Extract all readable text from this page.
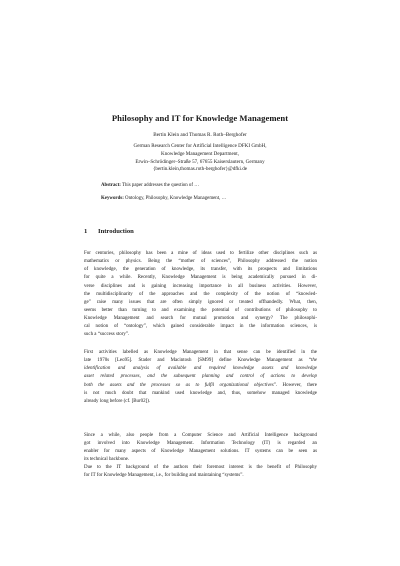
Philosophy and IT for Knowledge Management
Bertin Klein and Thomas R. Roth–Berghofer
German Research Center for Artificial Intelligence DFKI GmbH,
Knowledge Management Department,
Erwin–Schrödinger–Straße 57, 67655 Kaiserslautern, Germany
{bertin.klein,thomas.roth-berghofer}@dfki.de
Abstract: This paper addresses the question of …
Keywords: Ontology, Philosophy, Knowledge Management, …
1 Introduction
For centuries, philosophy has been a mine of ideas used to fertilize other disciplines such as
mathematics or physics. Being the “mother of sciences”, Philosophy addressed the notion
of knowledge, the generation of knowledge, its transfer, with its prospects and limitations
for quite a while. Recently, Knowledge Management is being academically pursued in di-
verse disciplines and is gaining increasing importance in all business activities. However,
the multidisciplinarity of the approaches and the complexity of the notion of “knowled-
ge” raise many issues that are often simply ignored or treated offhandedly. What, then,
seems better than turning to and examining the potential of contributions of philosophy to
Knowledge Management and search for mutual promotion and synergy? The philosophi-
cal notion of “ontology”, which gained considerable impact in the information sciences, is
such a “success story”.
First activities labelled as Knowledge Management in that sense can be identified in the
late 1970s [Leo95]. Stader and Macintosh [SM99] define Knowledge Management as “the
identification and analysis of available and required knowledge assets and knowledge
asset related processes, and the subsequent planning and control of actions to develop
both the assets and the processes so as to fulfil organizational objectives”. However, there
is not much doubt that mankind used knowledge and, thus, somehow managed knowledge
already long before (cf. [Bur02]).
Since a while, also people from a Computer Science and Artificial Intelligence background
got involved into Knowledge Management. Information Technology (IT) is regarded an
enabler for many aspects of Knowledge Management solutions. IT systems can be seen as
its technical backbone.
Due to the IT background of the authors their foremost interest is the benefit of Philosophy
for IT for Knowledge Management, i.e., for building and maintaining “systems”.
